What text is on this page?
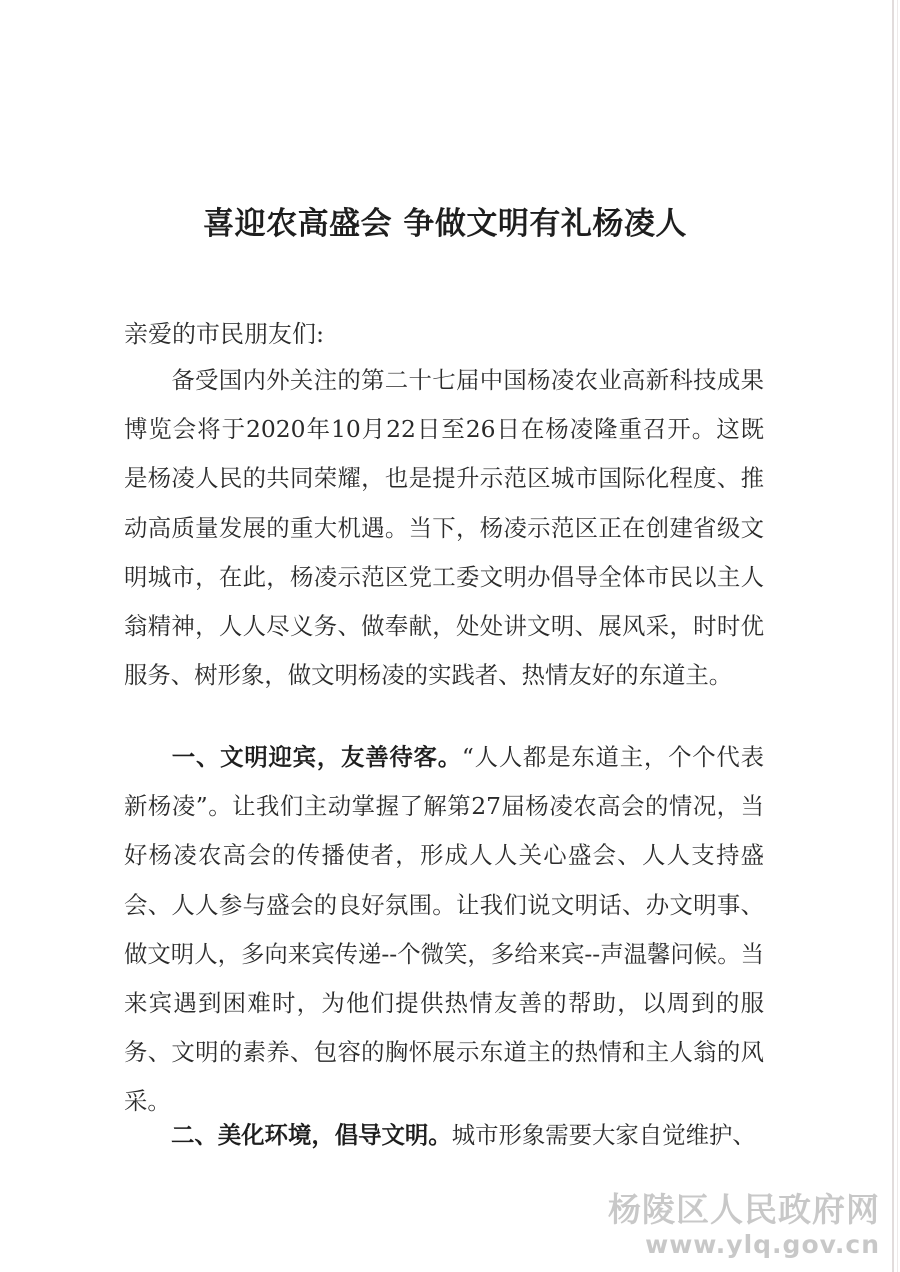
喜迎农高盛会 争做文明有礼杨凌人
亲爱的市民朋友们:
备受国内外关注的第二十七届中国杨凌农业高新科技成果博览会将于2020年10月22日至26日在杨凌隆重召开。这既是杨凌人民的共同荣耀，也是提升示范区城市国际化程度、推动高质量发展的重大机遇。当下，杨凌示范区正在创建省级文明城市，在此，杨凌示范区党工委文明办倡导全体市民以主人翁精神，人人尽义务、做奉献，处处讲文明、展风采，时时优服务、树形象，做文明杨凌的实践者、热情友好的东道主。
一、文明迎宾，友善待客。“人人都是东道主，个个代表新杨凌”。让我们主动掌握了解第27届杨凌农高会的情况，当好杨凌农高会的传播使者，形成人人关心盛会、人人支持盛会、人人参与盛会的良好氛围。让我们说文明话、办文明事、做文明人，多向来宾传递--个微笑，多给来宾--声温馨问候。当来宾遇到困难时，为他们提供热情友善的帮助，以周到的服务、文明的素养、包容的胸怀展示东道主的热情和主人翁的风采。
二、美化环境，倡导文明。城市形象需要大家自觉维护、
杨陵区人民政府网
www.ylq.gov.cn
